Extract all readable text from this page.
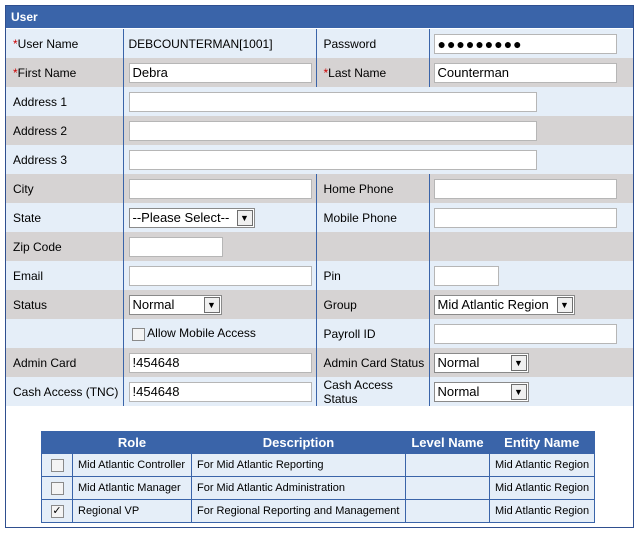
User
*User Name	DEBCOUNTERMAN[1001]	Password	●●●●●●●●●
*First Name	Debra	*Last Name	Counterman
Address 1	
Address 2	
Address 3	
City		Home Phone	
State	--Please Select-- ▼	Mobile Phone	
Zip Code			
Email		Pin	
Status	Normal ▼	Group	Mid Atlantic Region ▼

	Allow Mobile Access	Payroll ID	
Admin Card	!454648	Admin Card Status	Normal ▼

Cash Access (TNC)	!454648	Cash Access Status	Normal ▼
	Role	Description	Level Name	Entity Name
	Mid Atlantic Controller	For Mid Atlantic Reporting		Mid Atlantic Region
	Mid Atlantic Manager	For Mid Atlantic Administration		Mid Atlantic Region
✓	Regional VP	For Regional Reporting and Management		Mid Atlantic Region
